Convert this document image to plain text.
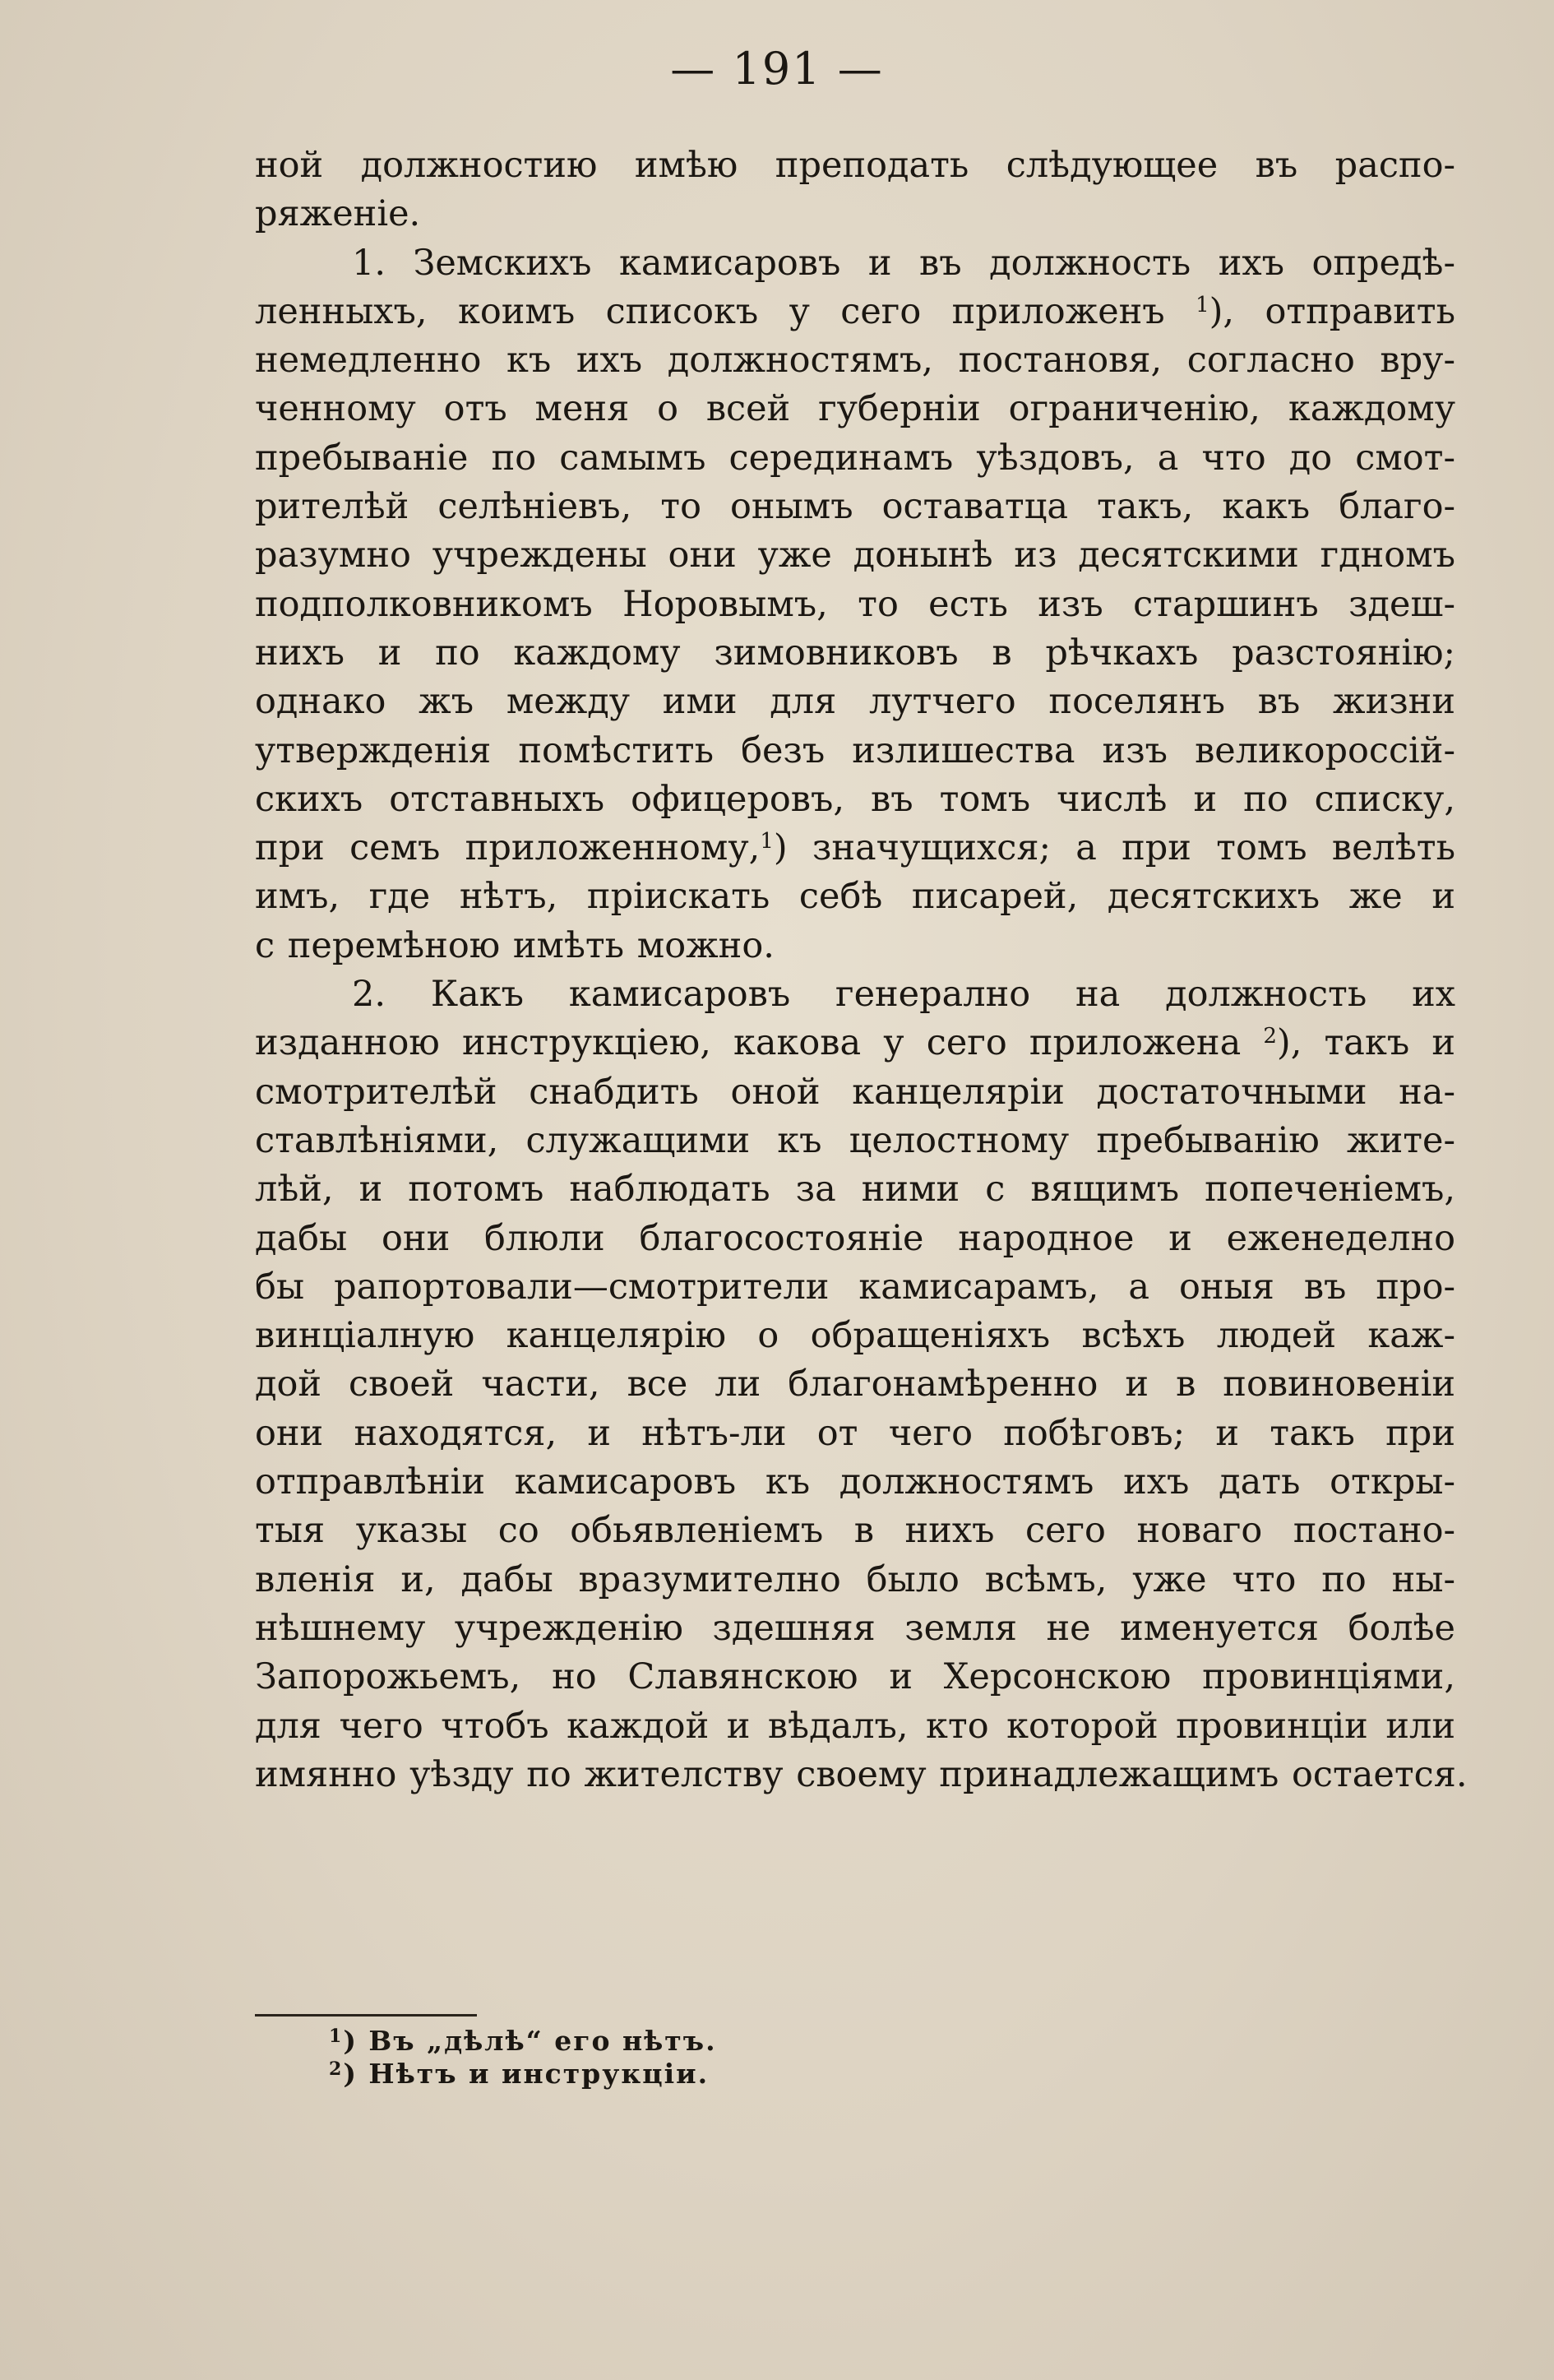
— 191 —
ной должностию имѣю преподать слѣдующее въ распо-
ряженіе.
1. Земскихъ камисаровъ и въ должность ихъ опредѣ-
ленныхъ, коимъ списокъ у сего приложенъ $^1$), отправить
немедленно къ ихъ должностямъ, постановя, согласно вру-
ченному отъ меня о всей губерніи ограниченію, каждому
пребываніе по самымъ серединамъ уѣздовъ, а что до смот-
рителѣй селѣніевъ, то онымъ оставатца такъ, какъ благо-
разумно учреждены они уже донынѣ из десятскими гдномъ
подполковникомъ Норовымъ, то есть изъ старшинъ здеш-
нихъ и по каждому зимовниковъ в рѣчкахъ разстоянію;
однако жъ между ими для лутчего поселянъ въ жизни
утвержденія помѣстить безъ излишества изъ великороссій-
скихъ отставныхъ офицеровъ, въ томъ числѣ и по списку,
при семъ приложенному,$^1$) значущихся; а при томъ велѣть
имъ, где нѣтъ, пріискать себѣ писарей, десятскихъ же и
с перемѣною имѣть можно.
2. Какъ камисаровъ генерално на должность их
изданною инструкціею, какова у сего приложена $^2$), такъ и
смотрителѣй снабдить оной канцеляріи достаточными на-
ставлѣніями, служащими къ целостному пребыванію жите-
лѣй, и потомъ наблюдать за ними с вящимъ попеченіемъ,
дабы они блюли благосостояніе народное и еженеделно
бы рапортовали—смотрители камисарамъ, а оныя въ про-
винціалную канцелярію о обращеніяхъ всѣхъ людей каж-
дой своей части, все ли благонамѣренно и в повиновеніи
они находятся, и нѣтъ-ли от чего побѣговъ; и такъ при
отправлѣніи камисаровъ къ должностямъ ихъ дать откры-
тыя указы со обьявленіемъ в нихъ сего новаго постано-
вленія и, дабы вразумително было всѣмъ, уже что по ны-
нѣшнему учрежденію здешняя земля не именуется болѣе
Запорожьемъ, но Славянскою и Херсонскою провинціями,
для чего чтобъ каждой и вѣдалъ, кто которой провинціи или
имянно уѣзду по жителству своему принадлежащимъ остается.
$^1$) Въ „дѣлѣ“ его нѣтъ.
$^2$) Нѣтъ и инструкціи.
